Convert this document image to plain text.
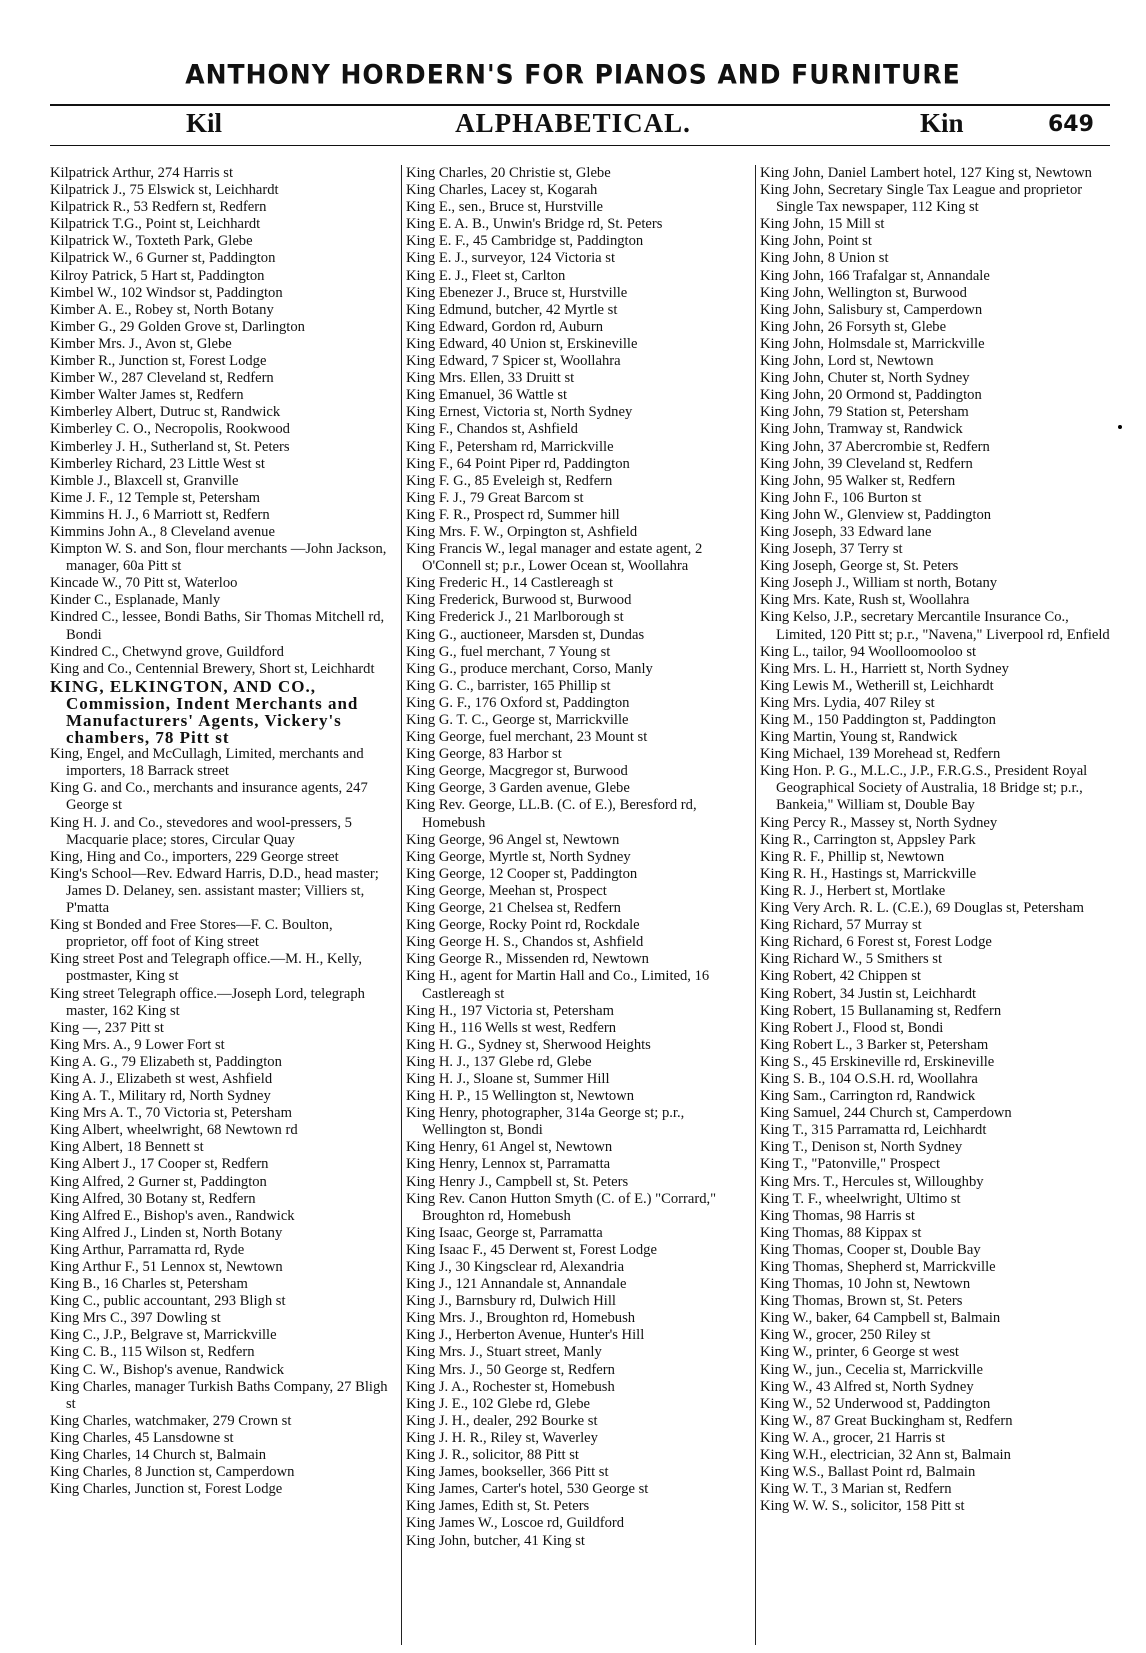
ANTHONY HORDERN'S FOR PIANOS AND FURNITURE
Kil	ALPHABETICAL.	Kin	649

Kilpatrick Arthur, 274 Harris st

Kilpatrick J., 75 Elswick st, Leichhardt

Kilpatrick R., 53 Redfern st, Redfern

Kilpatrick T.G., Point st, Leichhardt

Kilpatrick W., Toxteth Park, Glebe

Kilpatrick W., 6 Gurner st, Paddington

Kilroy Patrick, 5 Hart st, Paddington

Kimbel W., 102 Windsor st, Paddington

Kimber A. E., Robey st, North Botany

Kimber G., 29 Golden Grove st, Darlington

Kimber Mrs. J., Avon st, Glebe

Kimber R., Junction st, Forest Lodge

Kimber W., 287 Cleveland st, Redfern

Kimber Walter James st, Redfern

Kimberley Albert, Dutruc st, Randwick

Kimberley C. O., Necropolis, Rookwood

Kimberley J. H., Sutherland st, St. Peters

Kimberley Richard, 23 Little West st

Kimble J., Blaxcell st, Granville

Kime J. F., 12 Temple st, Petersham

Kimmins H. J., 6 Marriott st, Redfern

Kimmins John A., 8 Cleveland avenue

Kimpton W. S. and Son, flour merchants —John Jackson, manager, 60a Pitt st

Kincade W., 70 Pitt st, Waterloo

Kinder C., Esplanade, Manly

Kindred C., lessee, Bondi Baths, Sir Thomas Mitchell rd, Bondi

Kindred C., Chetwynd grove, Guildford

King and Co., Centennial Brewery, Short st, Leichhardt

KING, ELKINGTON, AND CO., Commission, Indent Merchants and Manufacturers' Agents, Vickery's chambers, 78 Pitt st

King, Engel, and McCullagh, Limited, merchants and importers, 18 Barrack street

King G. and Co., merchants and insurance agents, 247 George st

King H. J. and Co., stevedores and wool-pressers, 5 Macquarie place; stores, Circular Quay

King, Hing and Co., importers, 229 George street

King's School—Rev. Edward Harris, D.D., head master; James D. Delaney, sen. assistant master; Villiers st, P'matta

King st Bonded and Free Stores—F. C. Boulton, proprietor, off foot of King street

King street Post and Telegraph office.—M. H., Kelly, postmaster, King st

King street Telegraph office.—Joseph Lord, telegraph master, 162 King st

King —, 237 Pitt st

King Mrs. A., 9 Lower Fort st

King A. G., 79 Elizabeth st, Paddington

King A. J., Elizabeth st west, Ashfield

King A. T., Military rd, North Sydney

King Mrs A. T., 70 Victoria st, Petersham

King Albert, wheelwright, 68 Newtown rd

King Albert, 18 Bennett st

King Albert J., 17 Cooper st, Redfern

King Alfred, 2 Gurner st, Paddington

King Alfred, 30 Botany st, Redfern

King Alfred E., Bishop's aven., Randwick

King Alfred J., Linden st, North Botany

King Arthur, Parramatta rd, Ryde

King Arthur F., 51 Lennox st, Newtown

King B., 16 Charles st, Petersham

King C., public accountant, 293 Bligh st

King Mrs C., 397 Dowling st

King C., J.P., Belgrave st, Marrickville

King C. B., 115 Wilson st, Redfern

King C. W., Bishop's avenue, Randwick

King Charles, manager Turkish Baths Company, 27 Bligh st

King Charles, watchmaker, 279 Crown st

King Charles, 45 Lansdowne st

King Charles, 14 Church st, Balmain

King Charles, 8 Junction st, Camperdown

King Charles, Junction st, Forest Lodge

King Charles, 20 Christie st, Glebe

King Charles, Lacey st, Kogarah

King E., sen., Bruce st, Hurstville

King E. A. B., Unwin's Bridge rd, St. Peters

King E. F., 45 Cambridge st, Paddington

King E. J., surveyor, 124 Victoria st

King E. J., Fleet st, Carlton

King Ebenezer J., Bruce st, Hurstville

King Edmund, butcher, 42 Myrtle st

King Edward, Gordon rd, Auburn

King Edward, 40 Union st, Erskineville

King Edward, 7 Spicer st, Woollahra

King Mrs. Ellen, 33 Druitt st

King Emanuel, 36 Wattle st

King Ernest, Victoria st, North Sydney

King F., Chandos st, Ashfield

King F., Petersham rd, Marrickville

King F., 64 Point Piper rd, Paddington

King F. G., 85 Eveleigh st, Redfern

King F. J., 79 Great Barcom st

King F. R., Prospect rd, Summer hill

King Mrs. F. W., Orpington st, Ashfield

King Francis W., legal manager and estate agent, 2 O'Connell st; p.r., Lower Ocean st, Woollahra

King Frederic H., 14 Castlereagh st

King Frederick, Burwood st, Burwood

King Frederick J., 21 Marlborough st

King G., auctioneer, Marsden st, Dundas

King G., fuel merchant, 7 Young st

King G., produce merchant, Corso, Manly

King G. C., barrister, 165 Phillip st

King G. F., 176 Oxford st, Paddington

King G. T. C., George st, Marrickville

King George, fuel merchant, 23 Mount st

King George, 83 Harbor st

King George, Macgregor st, Burwood

King George, 3 Garden avenue, Glebe

King Rev. George, LL.B. (C. of E.), Beresford rd, Homebush

King George, 96 Angel st, Newtown

King George, Myrtle st, North Sydney

King George, 12 Cooper st, Paddington

King George, Meehan st, Prospect

King George, 21 Chelsea st, Redfern

King George, Rocky Point rd, Rockdale

King George H. S., Chandos st, Ashfield

King George R., Missenden rd, Newtown

King H., agent for Martin Hall and Co., Limited, 16 Castlereagh st

King H., 197 Victoria st, Petersham

King H., 116 Wells st west, Redfern

King H. G., Sydney st, Sherwood Heights

King H. J., 137 Glebe rd, Glebe

King H. J., Sloane st, Summer Hill

King H. P., 15 Wellington st, Newtown

King Henry, photographer, 314a George st; p.r., Wellington st, Bondi

King Henry, 61 Angel st, Newtown

King Henry, Lennox st, Parramatta

King Henry J., Campbell st, St. Peters

King Rev. Canon Hutton Smyth (C. of E.) "Corrard," Broughton rd, Homebush

King Isaac, George st, Parramatta

King Isaac F., 45 Derwent st, Forest Lodge

King J., 30 Kingsclear rd, Alexandria

King J., 121 Annandale st, Annandale

King J., Barnsbury rd, Dulwich Hill

King Mrs. J., Broughton rd, Homebush

King J., Herberton Avenue, Hunter's Hill

King Mrs. J., Stuart street, Manly

King Mrs. J., 50 George st, Redfern

King J. A., Rochester st, Homebush

King J. E., 102 Glebe rd, Glebe

King J. H., dealer, 292 Bourke st

King J. H. R., Riley st, Waverley

King J. R., solicitor, 88 Pitt st

King James, bookseller, 366 Pitt st

King James, Carter's hotel, 530 George st

King James, Edith st, St. Peters

King James W., Loscoe rd, Guildford

King John, butcher, 41 King st

King John, Daniel Lambert hotel, 127 King st, Newtown

King John, Secretary Single Tax League and proprietor Single Tax newspaper, 112 King st

King John, 15 Mill st

King John, Point st

King John, 8 Union st

King John, 166 Trafalgar st, Annandale

King John, Wellington st, Burwood

King John, Salisbury st, Camperdown

King John, 26 Forsyth st, Glebe

King John, Holmsdale st, Marrickville

King John, Lord st, Newtown

King John, Chuter st, North Sydney

King John, 20 Ormond st, Paddington

King John, 79 Station st, Petersham

King John, Tramway st, Randwick

King John, 37 Abercrombie st, Redfern

King John, 39 Cleveland st, Redfern

King John, 95 Walker st, Redfern

King John F., 106 Burton st

King John W., Glenview st, Paddington

King Joseph, 33 Edward lane

King Joseph, 37 Terry st

King Joseph, George st, St. Peters

King Joseph J., William st north, Botany

King Mrs. Kate, Rush st, Woollahra

King Kelso, J.P., secretary Mercantile Insurance Co., Limited, 120 Pitt st; p.r., "Navena," Liverpool rd, Enfield

King L., tailor, 94 Woolloomooloo st

King Mrs. L. H., Harriett st, North Sydney

King Lewis M., Wetherill st, Leichhardt

King Mrs. Lydia, 407 Riley st

King M., 150 Paddington st, Paddington

King Martin, Young st, Randwick

King Michael, 139 Morehead st, Redfern

King Hon. P. G., M.L.C., J.P., F.R.G.S., President Royal Geographical Society of Australia, 18 Bridge st; p.r., Bankeia," William st, Double Bay

King Percy R., Massey st, North Sydney

King R., Carrington st, Appsley Park

King R. F., Phillip st, Newtown

King R. H., Hastings st, Marrickville

King R. J., Herbert st, Mortlake

King Very Arch. R. L. (C.E.), 69 Douglas st, Petersham

King Richard, 57 Murray st

King Richard, 6 Forest st, Forest Lodge

King Richard W., 5 Smithers st

King Robert, 42 Chippen st

King Robert, 34 Justin st, Leichhardt

King Robert, 15 Bullanaming st, Redfern

King Robert J., Flood st, Bondi

King Robert L., 3 Barker st, Petersham

King S., 45 Erskineville rd, Erskineville

King S. B., 104 O.S.H. rd, Woollahra

King Sam., Carrington rd, Randwick

King Samuel, 244 Church st, Camperdown

King T., 315 Parramatta rd, Leichhardt

King T., Denison st, North Sydney

King T., "Patonville," Prospect

King Mrs. T., Hercules st, Willoughby

King T. F., wheelwright, Ultimo st

King Thomas, 98 Harris st

King Thomas, 88 Kippax st

King Thomas, Cooper st, Double Bay

King Thomas, Shepherd st, Marrickville

King Thomas, 10 John st, Newtown

King Thomas, Brown st, St. Peters

King W., baker, 64 Campbell st, Balmain

King W., grocer, 250 Riley st

King W., printer, 6 George st west

King W., jun., Cecelia st, Marrickville

King W., 43 Alfred st, North Sydney

King W., 52 Underwood st, Paddington

King W., 87 Great Buckingham st, Redfern

King W. A., grocer, 21 Harris st

King W.H., electrician, 32 Ann st, Balmain

King W.S., Ballast Point rd, Balmain

King W. T., 3 Marian st, Redfern

King W. W. S., solicitor, 158 Pitt st
